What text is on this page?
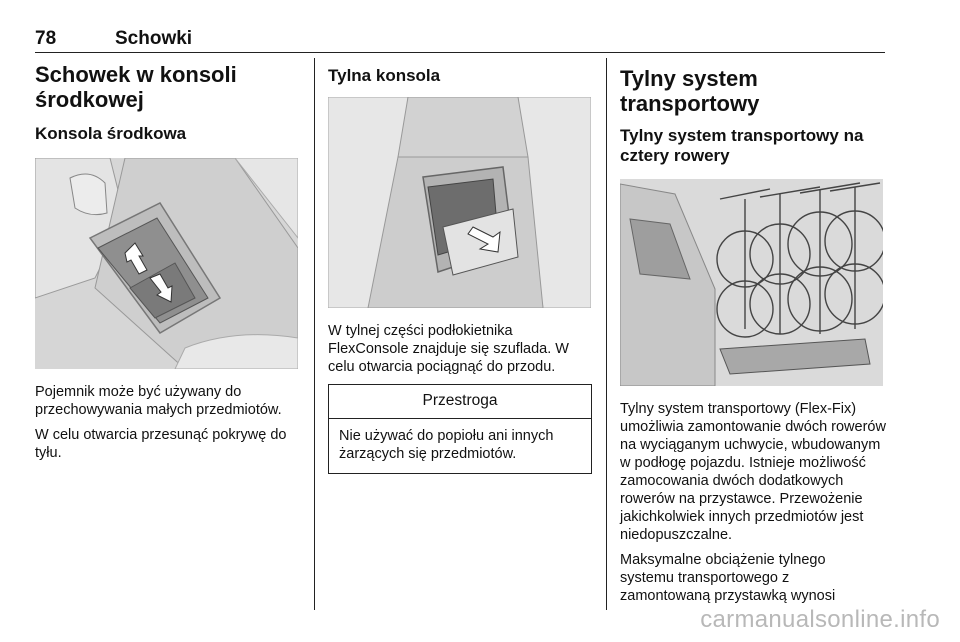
78	Schowki
Schowek w konsoli środkowej
Konsola środkowa

Pojemnik może być używany do przechowywania małych przedmiotów.

W celu otwarcia przesunąć pokrywę do tyłu.

Tylna konsola

W tylnej części podłokietnika FlexConsole znajduje się szuflada. W celu otwarcia pociągnąć do przodu.

Przestroga
Nie używać do popiołu ani innych żarzących się przedmiotów.
Tylny system transportowy
Tylny system transportowy na cztery rowery

Tylny system transportowy (Flex-Fix) umożliwia zamontowanie dwóch rowerów na wyciąganym uchwycie, wbudowanym w podłogę pojazdu. Istnieje możliwość zamocowania dwóch dodatkowych rowerów na przystawce. Przewożenie jakichkolwiek innych przedmiotów jest niedopuszczalne.

Maksymalne obciążenie tylnego systemu transportowego z zamontowaną przystawką wynosi

carmanualsonline.info
